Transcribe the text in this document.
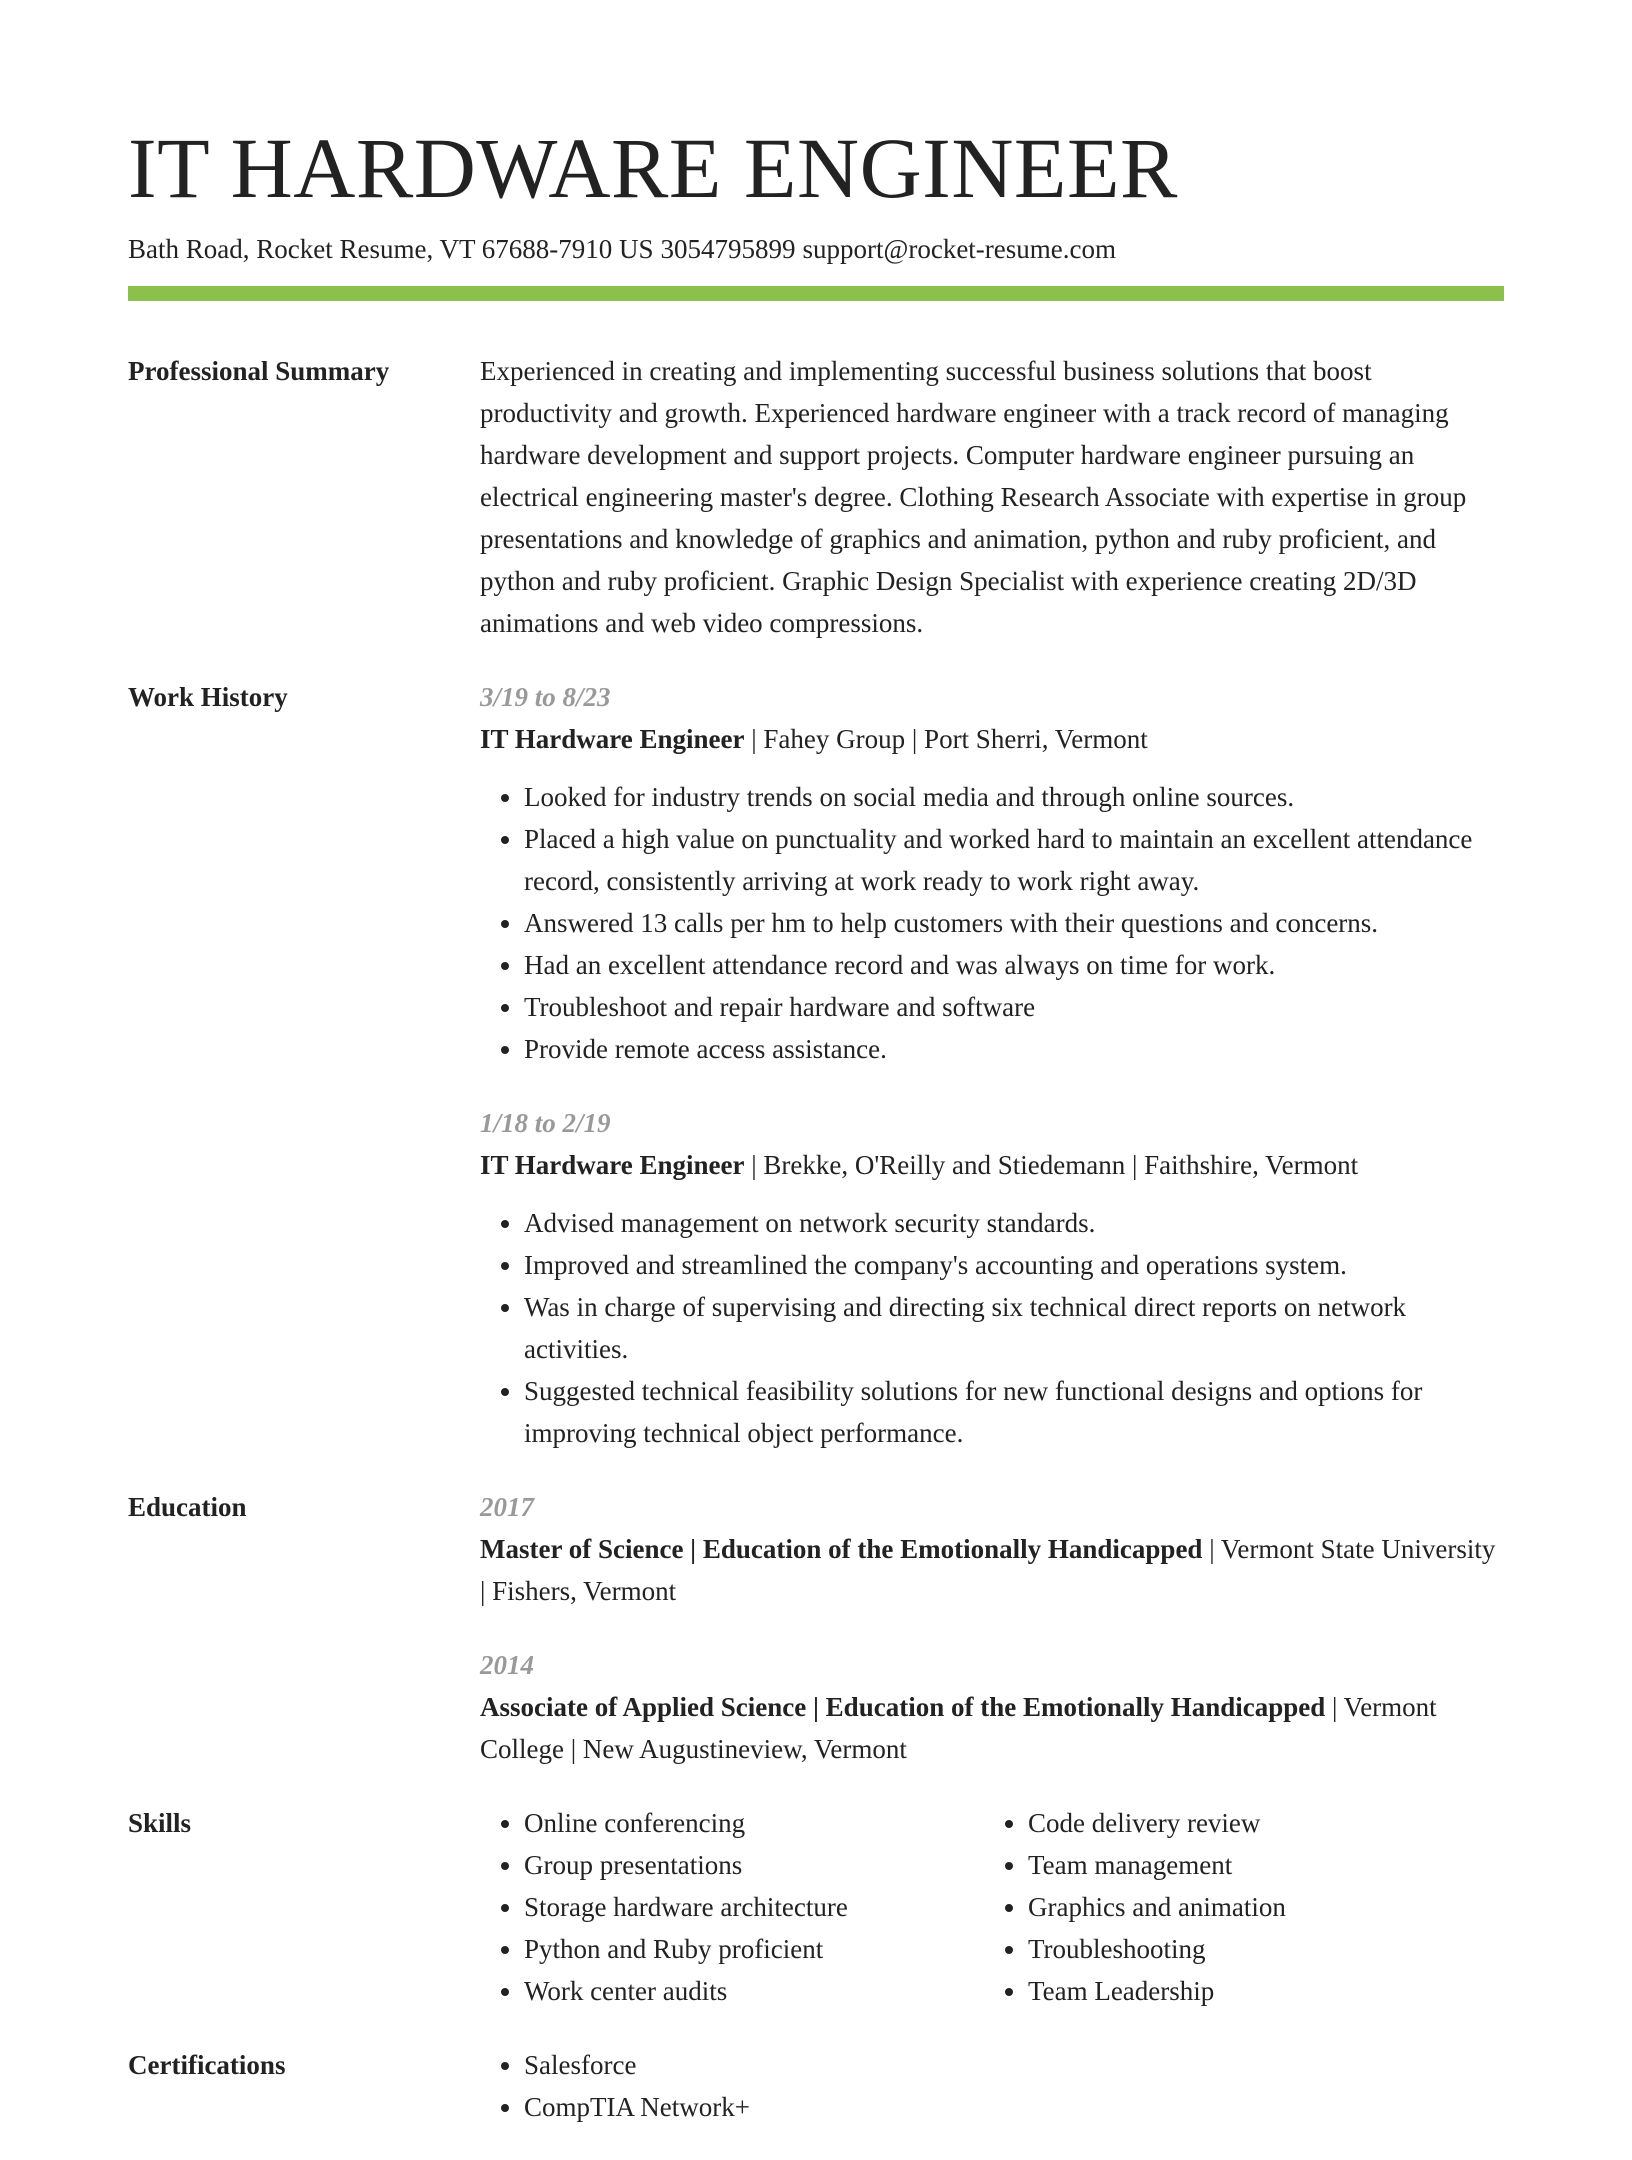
IT HARDWARE ENGINEER
Bath Road, Rocket Resume, VT 67688-7910 US 3054795899 support@rocket-resume.com
Professional Summary	Experienced in creating and implementing successful business solutions that boost productivity and growth. Experienced hardware engineer with a track record of managing hardware development and support projects. Computer hardware engineer pursuing an electrical engineering master's degree. Clothing Research Associate with expertise in group presentations and knowledge of graphics and animation, python and ruby proficient, and python and ruby proficient. Graphic Design Specialist with experience creating 2D/3D animations and web video compressions.

Work History	3/19 to 8/23

IT Hardware Engineer | Fahey Group | Port Sherri, Vermont

• Looked for industry trends on social media and through online sources.
• Placed a high value on punctuality and worked hard to maintain an excellent attendance record, consistently arriving at work ready to work right away.
• Answered 13 calls per hm to help customers with their questions and concerns.
• Had an excellent attendance record and was always on time for work.
• Troubleshoot and repair hardware and software
• Provide remote access assistance.
1/18 to 2/19

IT Hardware Engineer | Brekke, O'Reilly and Stiedemann | Faithshire, Vermont

• Advised management on network security standards.
• Improved and streamlined the company's accounting and operations system.
• Was in charge of supervising and directing six technical direct reports on network activities.
• Suggested technical feasibility solutions for new functional designs and options for improving technical object performance.
Education	2017

Master of Science | Education of the Emotionally Handicapped | Vermont State University | Fishers, Vermont

2014

Associate of Applied Science | Education of the Emotionally Handicapped | Vermont College | New Augustineview, Vermont

Skills	• Online conferencing
• Group presentations
• Storage hardware architecture
• Python and Ruby proficient
• Work center audits
• Code delivery review
• Team management
• Graphics and animation
• Troubleshooting
• Team Leadership
Certifications	• Salesforce
• CompTIA Network+
